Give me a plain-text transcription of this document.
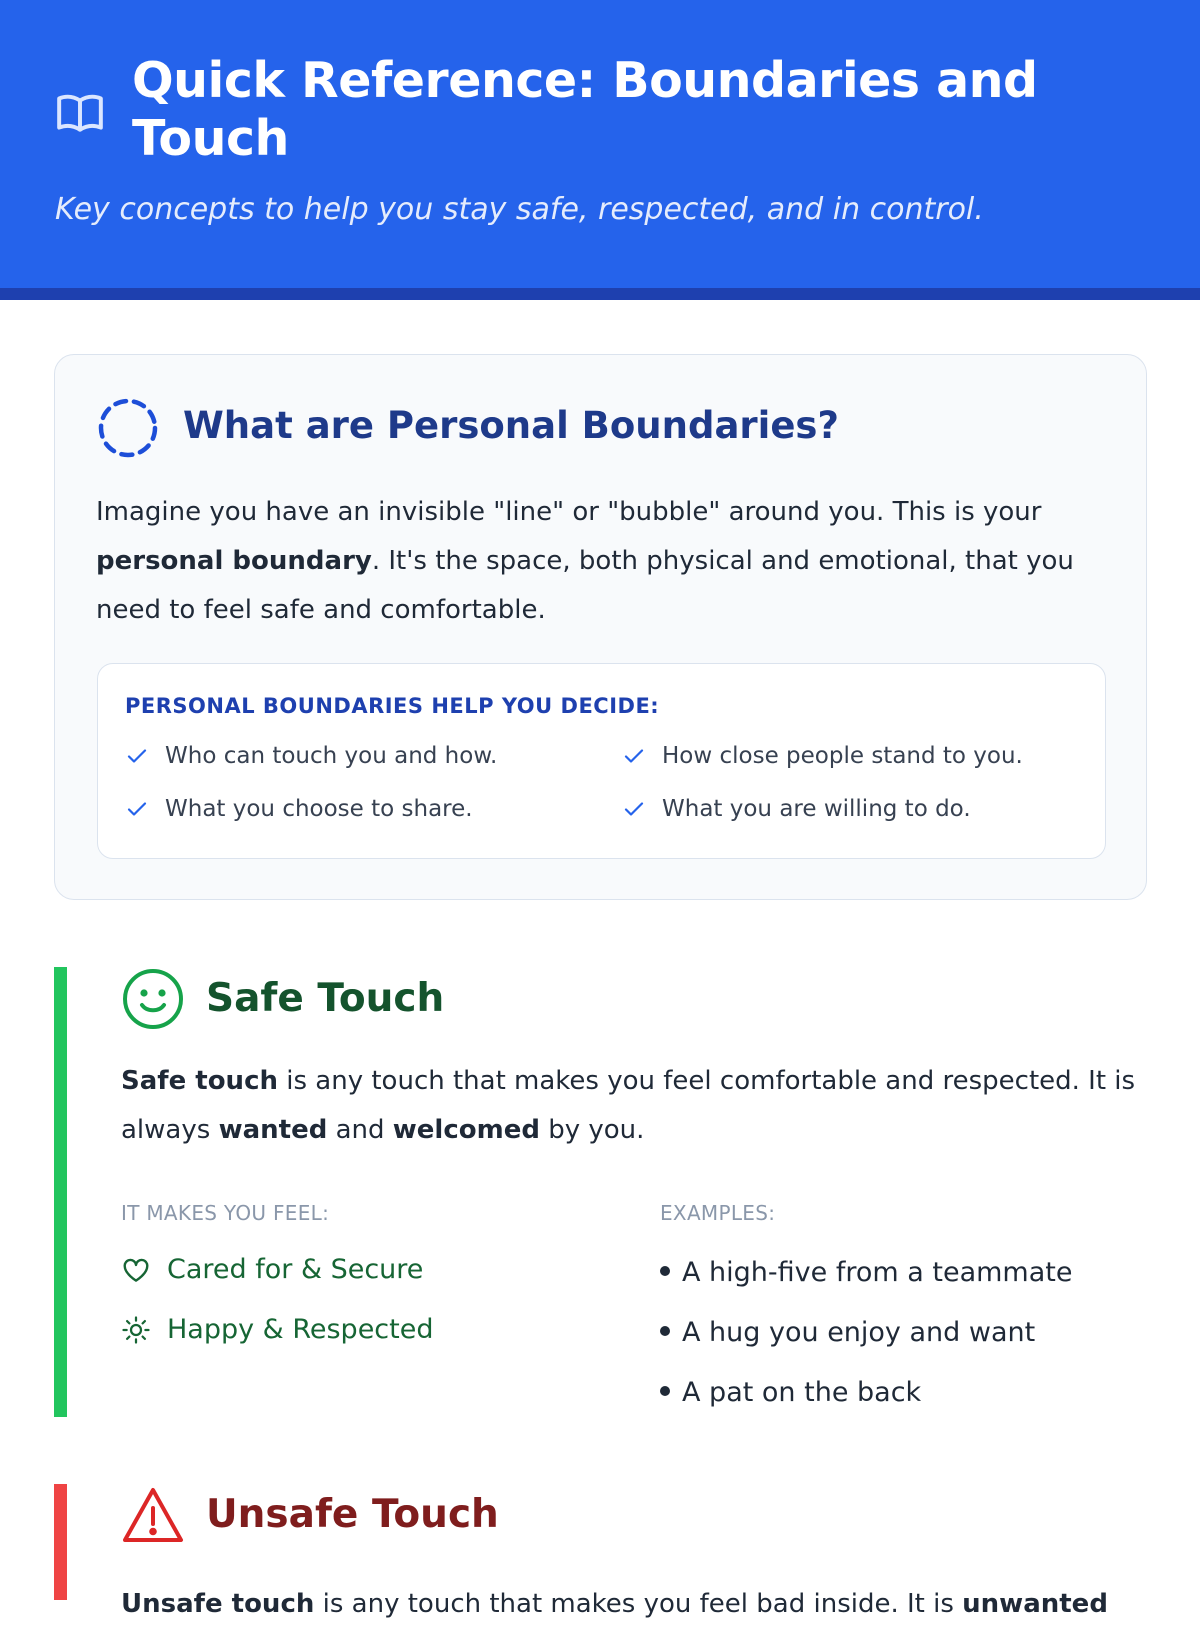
Quick Reference: Boundaries and Touch
Key concepts to help you stay safe, respected, and in control.
What are Personal Boundaries?

Imagine you have an invisible "line" or "bubble" around you. This is your personal boundary. It's the space, both physical and emotional, that you need to feel safe and comfortable.

PERSONAL BOUNDARIES HELP YOU DECIDE:
Who can touch you and how.	How close people stand to you.
What you choose to share.	What you are willing to do.
Safe Touch

Safe touch is any touch that makes you feel comfortable and respected. It is always wanted and welcomed by you.

IT MAKES YOU FEEL:	EXAMPLES:
Cared for & Secure
Happy & Respected
A high-five from a teammate
A hug you enjoy and want
A pat on the back
Unsafe Touch

Unsafe touch is any touch that makes you feel bad inside. It is unwanted
